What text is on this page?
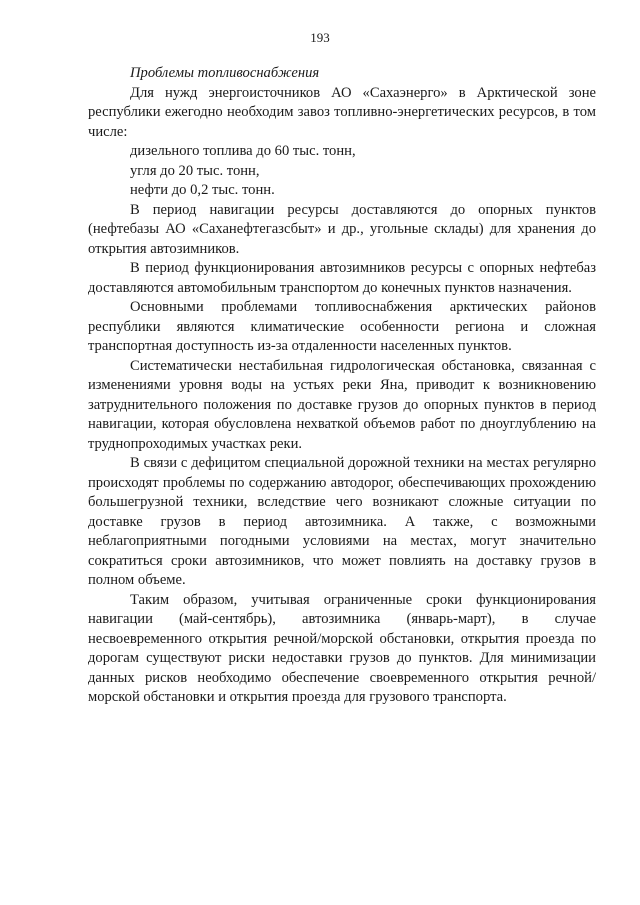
193

Проблемы топливоснабжения

Для нужд энергоисточников АО «Сахаэнерго» в Арктической зоне республики ежегодно необходим завоз топливно-энергетических ресурсов, в том числе:

дизельного топлива до 60 тыс. тонн,

угля до 20 тыс. тонн,

нефти до 0,2 тыс. тонн.

В период навигации ресурсы доставляются до опорных пунктов (нефтебазы АО «Саханефтегазсбыт» и др., угольные склады) для хранения до открытия автозимников.

В период функционирования автозимников ресурсы с опорных нефтебаз доставляются автомобильным транспортом до конечных пунктов назначения.

Основными проблемами топливоснабжения арктических районов республики являются климатические особенности региона и сложная транспортная доступность из-за отдаленности населенных пунктов.

Систематически нестабильная гидрологическая обстановка, связанная с изменениями уровня воды на устьях реки Яна, приводит к возникновению затруднительного положения по доставке грузов до опорных пунктов в период навигации, которая обусловлена нехваткой объемов работ по дноуглублению на труднопроходимых участках реки.

В связи с дефицитом специальной дорожной техники на местах регулярно происходят проблемы по содержанию автодорог, обеспечивающих прохождению большегрузной техники, вследствие чего возникают сложные ситуации по доставке грузов в период автозимника. А также, с возможными неблагоприятными погодными условиями на местах, могут значительно сократиться сроки автозимников, что может повлиять на доставку грузов в полном объеме.

Таким образом, учитывая ограниченные сроки функционирования навигации (май-сентябрь), автозимника (январь-март), в случае несвоевременного открытия речной/морской обстановки, открытия проезда по дорогам существуют риски недоставки грузов до пунктов. Для минимизации данных рисков необходимо обеспечение своевременного открытия речной/морской обстановки и открытия проезда для грузового транспорта.
